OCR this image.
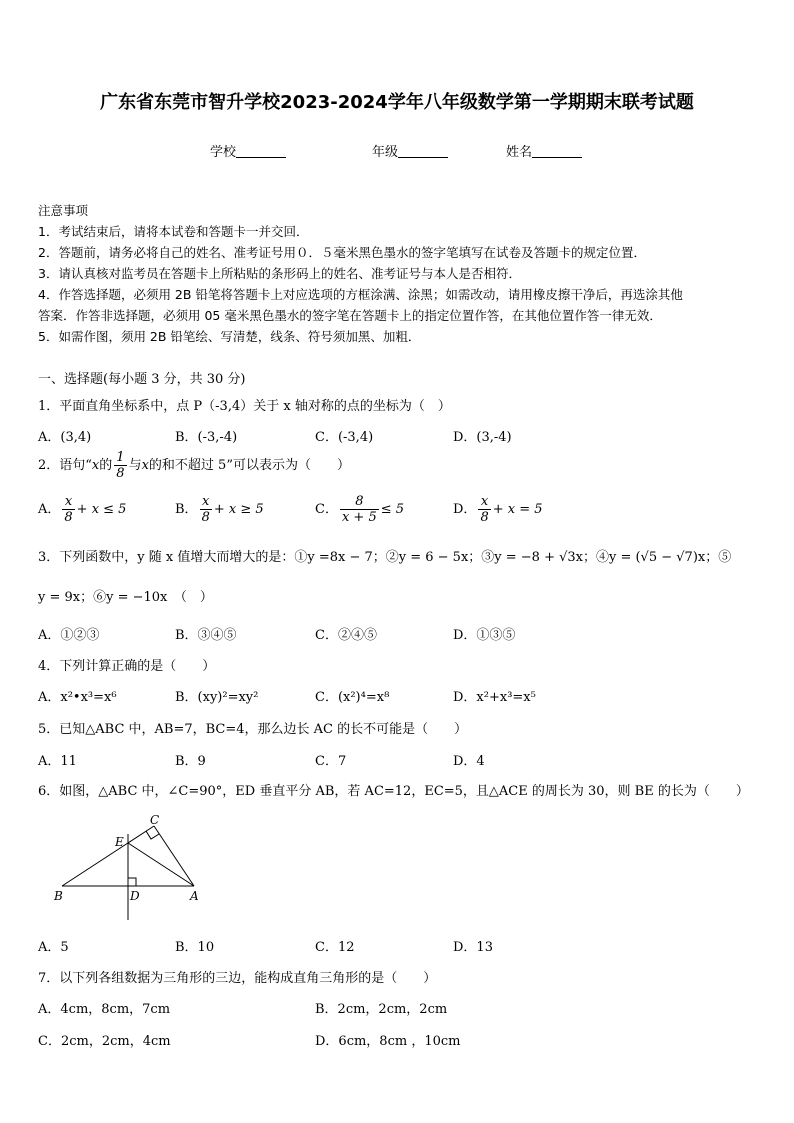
广东省东莞市智升学校2023-2024学年八年级数学第一学期期末联考试题
学校	年级	姓名
注意事项
1．考试结束后，请将本试卷和答题卡一并交回．
2．答题前，请务必将自己的姓名、准考证号用０．５毫米黑色墨水的签字笔填写在试卷及答题卡的规定位置．
3．请认真核对监考员在答题卡上所粘贴的条形码上的姓名、准考证号与本人是否相符．
4．作答选择题，必须用 2B 铅笔将答题卡上对应选项的方框涂满、涂黑；如需改动，请用橡皮擦干净后，再选涂其他
答案．作答非选择题，必须用 05 毫米黑色墨水的签字笔在答题卡上的指定位置作答，在其他位置作答一律无效．
5．如需作图，须用 2B 铅笔绘、写清楚，线条、符号须加黑、加粗．
一、选择题(每小题 3 分，共 30 分)
1．平面直角坐标系中，点 P（-3,4）关于 x 轴对称的点的坐标为（　）
A．(3,4)	B．(-3,-4)	C．(-3,4)	D．(3,-4)
2．语句“x的 $\frac{1}{8}$ 与x的和不超过 5”可以表示为（　　）
A． $\frac{x}{8} + x \le 5$	B． $\frac{x}{8} + x \ge 5$	C． $\frac{8}{x + 5} \le 5$	D． $\frac{x}{8} + x = 5$
3．下列函数中，y 随 x 值增大而增大的是：①y =8x − 7；②y = 6 − 5x；③y = −8 + √3x；④y = (√5 − √7)x；⑤
y = 9x；⑥y = −10x　（　）
A．①②③	B．③④⑤	C．②④⑤	D．①③⑤
4．下列计算正确的是（　　）
A．x²•x³=x⁶	B．(xy)²=xy²	C．(x²)⁴=x⁸	D．x²+x³=x⁵
5．已知△ABC 中，AB=7，BC=4，那么边长 AC 的长不可能是（　　）
A．11	B．9	C．7	D．4
6．如图，△ABC 中，∠C=90°，ED 垂直平分 AB，若 AC=12，EC=5，且△ACE 的周长为 30，则 BE 的长为（　　）
C
E
B	D	A
A．5	B．10	C．12	D．13
7．以下列各组数据为三角形的三边，能构成直角三角形的是（　　）
A．4cm，8cm，7cm	B．2cm，2cm，2cm
C．2cm，2cm，4cm	D．6cm，8cm ，10cm
